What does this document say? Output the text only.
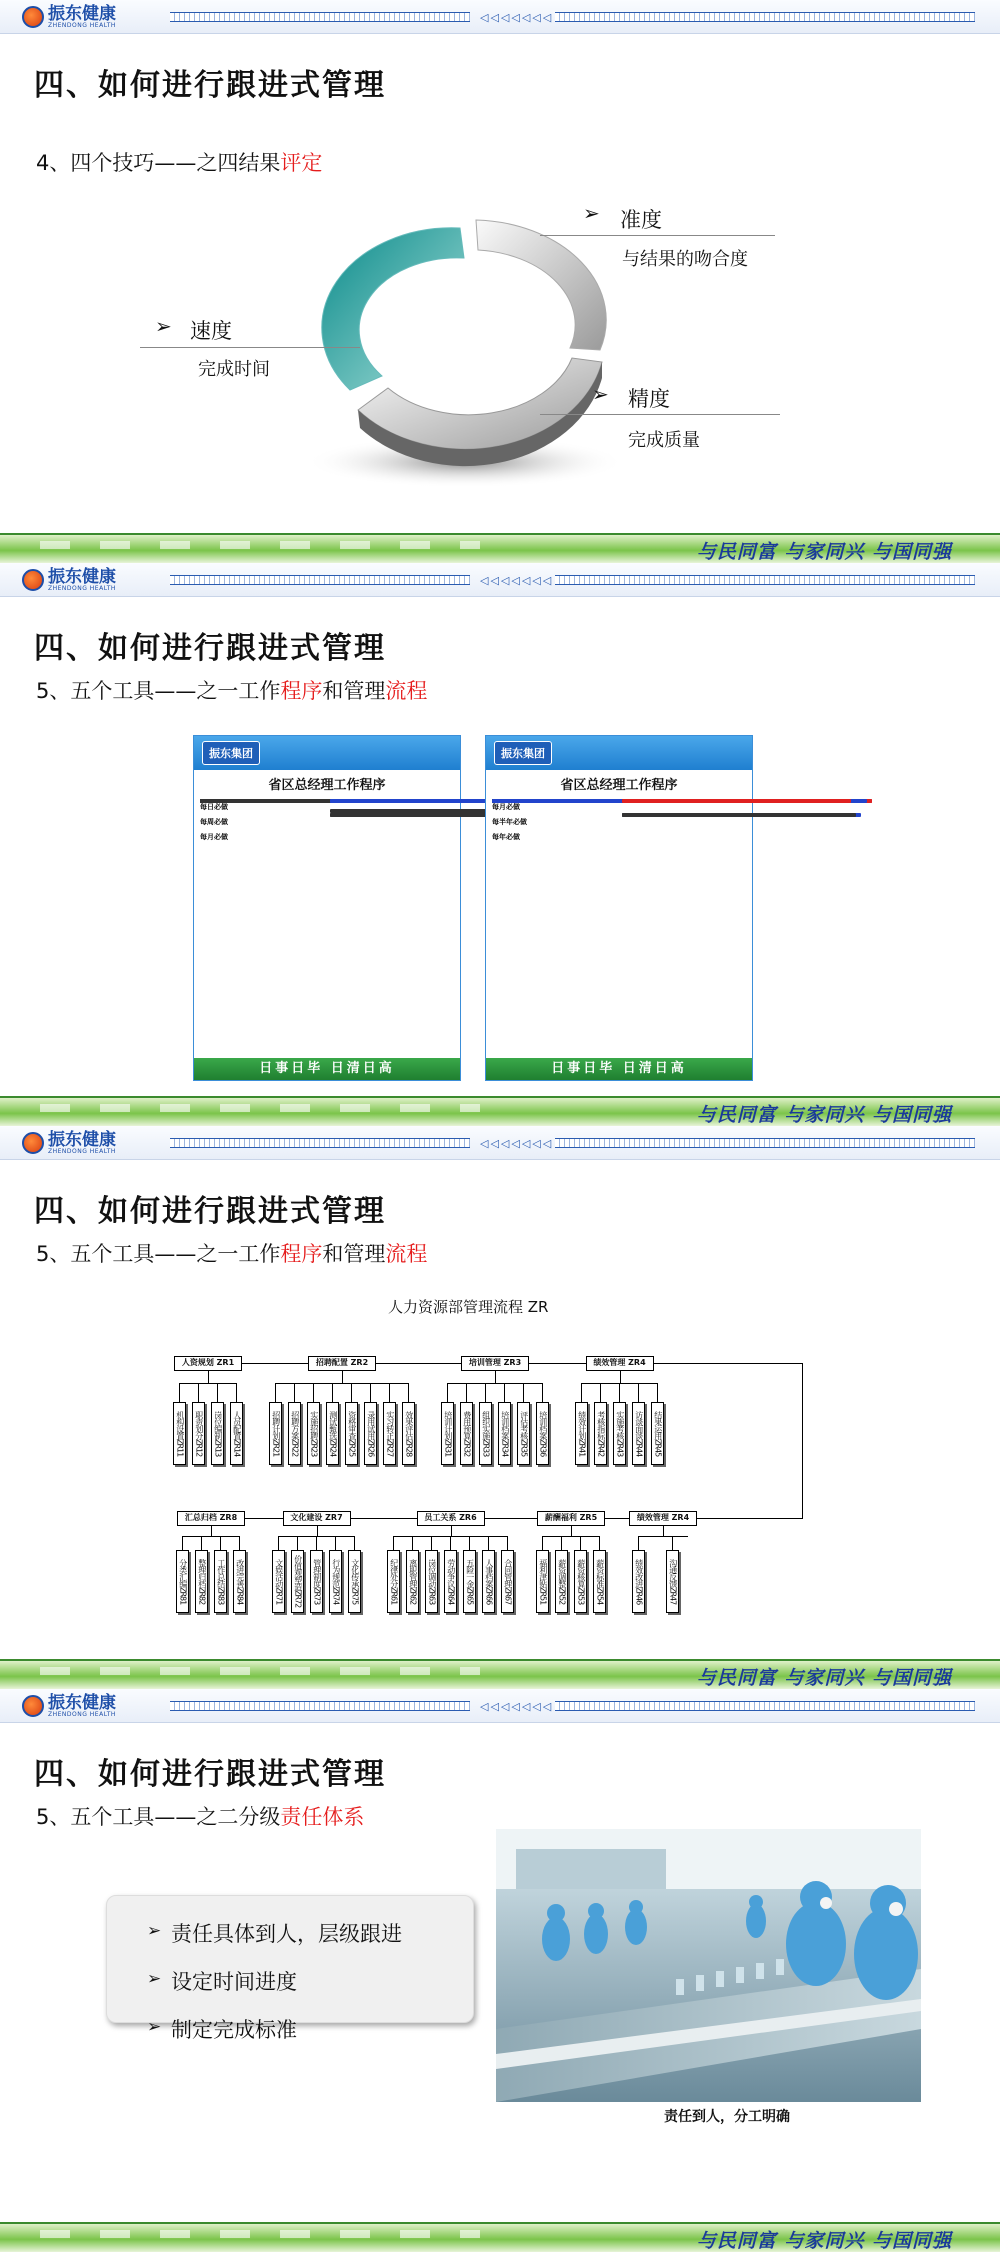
振东健康
ZHENDONG HEALTH
◁◁◁◁◁◁◁
四、如何进行跟进式管理
4、四个技巧——之四结果评定
➢ 准度
与结果的吻合度
➢ 速度
完成时间
➢ 精度
完成质量
与民同富 与家同兴 与国同强
振东健康
ZHENDONG HEALTH
◁◁◁◁◁◁◁
四、如何进行跟进式管理
5、五个工具——之一工作程序和管理流程
与民同富 与家同兴 与国同强
振东集团
省区总经理工作程序
每日必做
每周必做
每月必做
日事日毕 日清日高
振东集团
省区总经理工作程序
每月必做
每半年必做
每年必做
日事日毕 日清日高
振东健康
ZHENDONG HEALTH
◁◁◁◁◁◁◁
四、如何进行跟进式管理
5、五个工具——之一工作程序和管理流程
人力资源部管理流程 ZR
人资规划 ZR1
机构设置ZR11	职责划分ZR12	岗位编制ZR13	人员配置ZR14
招聘配置 ZR2
招聘计划ZR21	招聘方案ZR22	实施招聘ZR23	测试甄选ZR24	资格审查ZR25	录用试用ZR26	实习转正ZR27	效果评估ZR28
培训管理 ZR3
培训计划ZR31	费用预算ZR32	组织实施ZR33	培训档案ZR34	评估考核ZR35	培训档案ZR36
绩效管理 ZR4
绩效计划ZR41	考核指标ZR42	实施考核ZR43	访谈面谈ZR44	结果运用ZR45
汇总归档 ZR8
分类汇编ZR81	整理归档ZR82	工作总结ZR83	改进完善ZR84
文化建设 ZR7
文娱活动ZR71	价值观塑造ZR72	管理制度ZR73	行为规范ZR74	文化传承ZR75
员工关系 ZR6
纪律处分ZR61	离职管理ZR62	岗位调动ZR63	劳动争议ZR64	五险一金ZR65	人事档案ZR66	合同管理ZR67
薪酬福利 ZR5
福利津贴ZR51	薪资调整ZR52	薪资核算ZR53	薪资标准ZR54
绩效管理 ZR4
绩效改进ZR46	沟通反馈ZR47
与民同富 与家同兴 与国同强
振东健康
ZHENDONG HEALTH
◁◁◁◁◁◁◁
四、如何进行跟进式管理
5、五个工具——之二分级责任体系
与民同富 与家同兴 与国同强
➢ 责任具体到人，层级跟进
➢ 设定时间进度
➢ 制定完成标准
责任到人，分工明确
